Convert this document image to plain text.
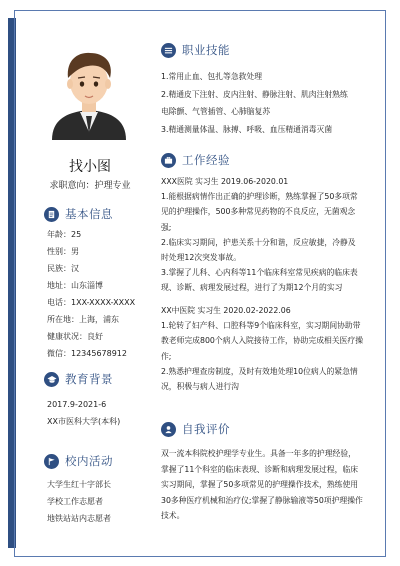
找小图
求职意向：护理专业
基本信息
年龄：25
性别：男
民族：汉
地址：山东淄博
电话：1XX-XXXX-XXXX
所在地：上海，浦东
健康状况：良好
微信：12345678912
教育背景
2017.9-2021-6
XX市医科大学(本科)
校内活动
大学生红十字部长
学校工作志愿者
地铁站站内志愿者
职业技能

1.常用止血、包扎等急救处理

2.精通皮下注射、皮内注射、静脉注射、肌肉注射熟练

电除颤、气管插管、心肺脑复苏

3.精通测量体温、脉搏、呼吸、血压精通消毒灭菌

工作经验

XXX医院 实习生 2019.06-2020.01

1.能根据病情作出正确的护理诊断，熟练掌握了50多项常

见的护理操作，500多种常见药物的不良反应，无菌观念

强;

2.临床实习期间，护患关系十分和谐，反应敏捷，冷静及

时处理12次突发事故。

3.掌握了儿科、心内科等11个临床科室常见疾病的临床表

现、诊断、病理发展过程，进行了为期12个月的实习

XX中医院 实习生 2020.02-2022.06

1.轮转了妇产科、口腔科等9个临床科室，实习期间协助带

教老师完成800个病人入院接待工作，协助完成相关医疗操

作;

2.熟悉护理查房制度，及时有效地处理10位病人的紧急情

况，积极与病人进行沟

自我评价

双一流本科院校护理学专业生。具备一年多的护理经验，

掌握了11个科室的临床表现、诊断和病理发展过程，临床

实习期间，掌握了50多项常见的护理操作技术，熟练使用

30多种医疗机械和治疗仪;掌握了静脉输液等50项护理操作

技术。
